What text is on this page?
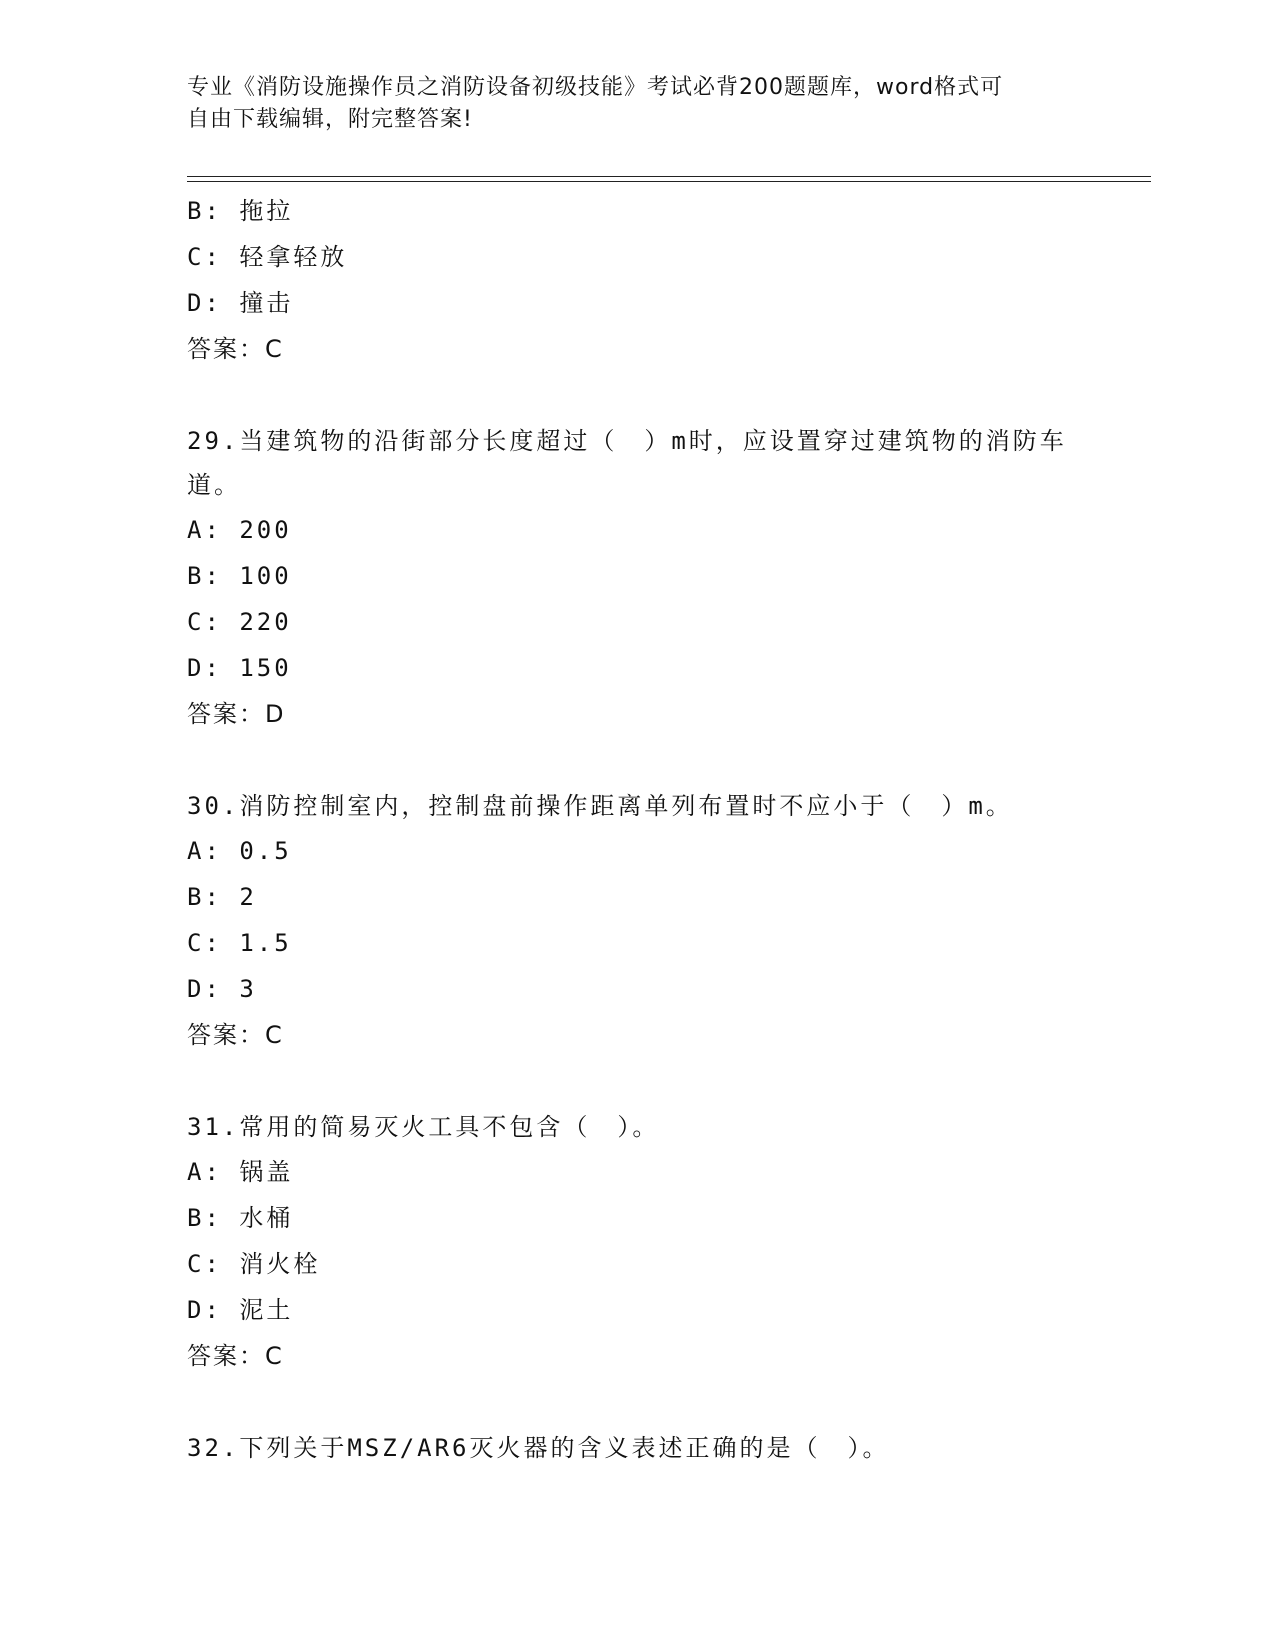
专业《消防设施操作员之消防设备初级技能》考试必背200题题库，word格式可
自由下载编辑，附完整答案!
B: 拖拉
C: 轻拿轻放
D: 撞击
答案：C
29.当建筑物的沿街部分长度超过（　）m时，应设置穿过建筑物的消防车道。
A: 200
B: 100
C: 220
D: 150
答案：D
30.消防控制室内，控制盘前操作距离单列布置时不应小于（　）m。
A: 0.5
B: 2
C: 1.5
D: 3
答案：C
31.常用的简易灭火工具不包含（　）。
A: 锅盖
B: 水桶
C: 消火栓
D: 泥土
答案：C
32.下列关于MSZ/AR6灭火器的含义表述正确的是（　）。
